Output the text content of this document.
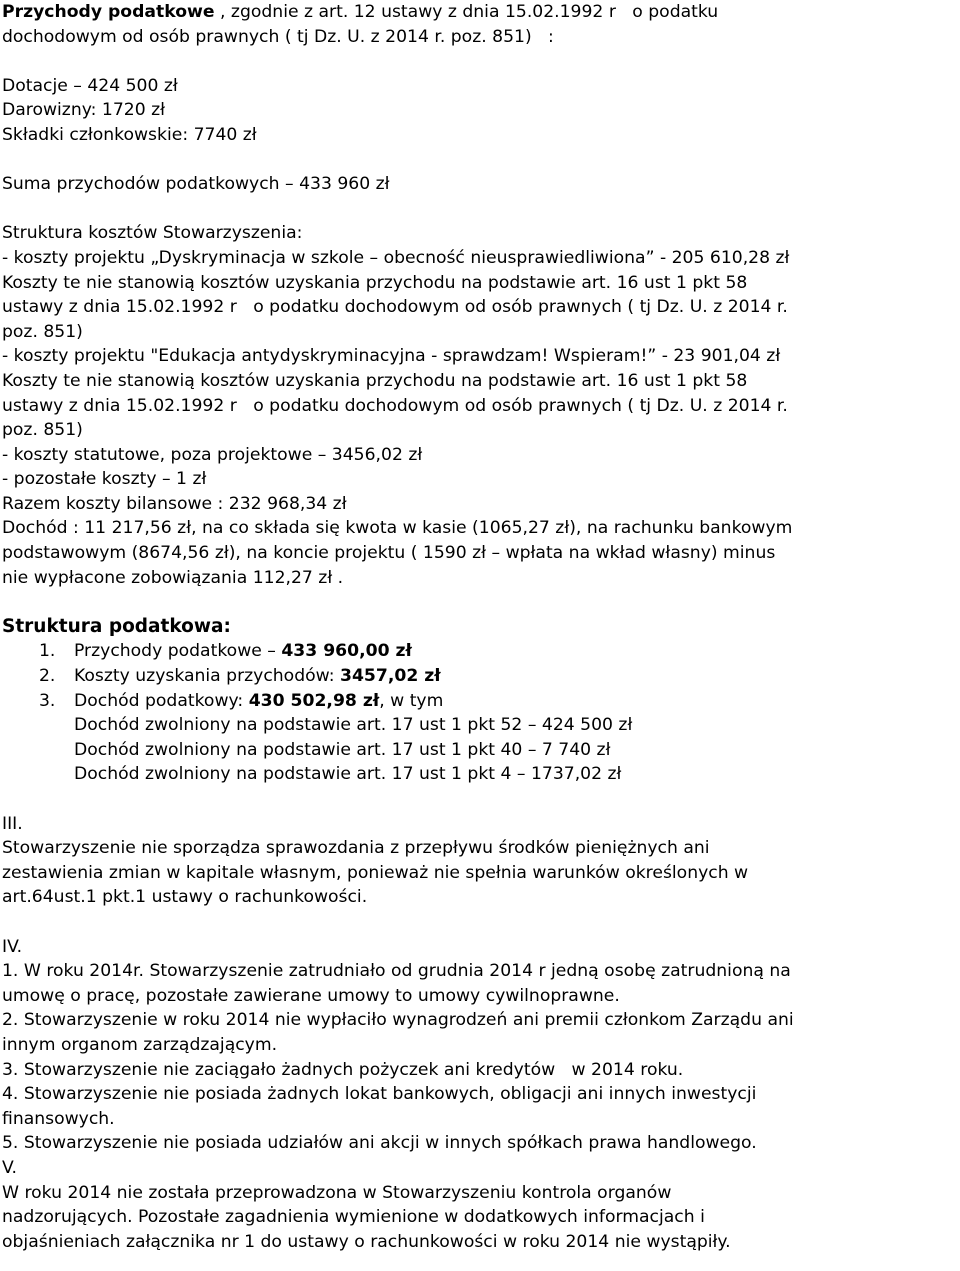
Przychody podatkowe , zgodnie z art. 12 ustawy z dnia 15.02.1992 r   o podatku
dochodowym od osób prawnych ( tj Dz. U. z 2014 r. poz. 851)   :
Dotacje – 424 500 zł
Darowizny: 1720 zł
Składki członkowskie: 7740 zł
Suma przychodów podatkowych – 433 960 zł
Struktura kosztów Stowarzyszenia:
- koszty projektu „Dyskryminacja w szkole – obecność nieusprawiedliwiona” - 205 610,28 zł
Koszty te nie stanowią kosztów uzyskania przychodu na podstawie art. 16 ust 1 pkt 58
ustawy z dnia 15.02.1992 r   o podatku dochodowym od osób prawnych ( tj Dz. U. z 2014 r.
poz. 851)
- koszty projektu "Edukacja antydyskryminacyjna - sprawdzam! Wspieram!” - 23 901,04 zł
Koszty te nie stanowią kosztów uzyskania przychodu na podstawie art. 16 ust 1 pkt 58
ustawy z dnia 15.02.1992 r   o podatku dochodowym od osób prawnych ( tj Dz. U. z 2014 r.
poz. 851)
- koszty statutowe, poza projektowe – 3456,02 zł
- pozostałe koszty – 1 zł
Razem koszty bilansowe : 232 968,34 zł
Dochód : 11 217,56 zł, na co składa się kwota w kasie (1065,27 zł), na rachunku bankowym
podstawowym (8674,56 zł), na koncie projektu ( 1590 zł – wpłata na wkład własny) minus
nie wypłacone zobowiązania 112,27 zł .
Struktura podatkowa:
1.	Przychody podatkowe – 433 960,00 zł
2.	Koszty uzyskania przychodów: 3457,02 zł
3.	Dochód podatkowy: 430 502,98 zł, w tym
Dochód zwolniony na podstawie art. 17 ust 1 pkt 52 – 424 500 zł
Dochód zwolniony na podstawie art. 17 ust 1 pkt 40 – 7 740 zł
Dochód zwolniony na podstawie art. 17 ust 1 pkt 4 – 1737,02 zł
III.
Stowarzyszenie nie sporządza sprawozdania z przepływu środków pieniężnych ani
zestawienia zmian w kapitale własnym, ponieważ nie spełnia warunków określonych w
art.64ust.1 pkt.1 ustawy o rachunkowości.
IV.
1. W roku 2014r. Stowarzyszenie zatrudniało od grudnia 2014 r jedną osobę zatrudnioną na
umowę o pracę, pozostałe zawierane umowy to umowy cywilnoprawne.
2. Stowarzyszenie w roku 2014 nie wypłaciło wynagrodzeń ani premii członkom Zarządu ani
innym organom zarządzającym.
3. Stowarzyszenie nie zaciągało żadnych pożyczek ani kredytów   w 2014 roku.
4. Stowarzyszenie nie posiada żadnych lokat bankowych, obligacji ani innych inwestycji
finansowych.
5. Stowarzyszenie nie posiada udziałów ani akcji w innych spółkach prawa handlowego.
V.
W roku 2014 nie została przeprowadzona w Stowarzyszeniu kontrola organów
nadzorujących. Pozostałe zagadnienia wymienione w dodatkowych informacjach i
objaśnieniach załącznika nr 1 do ustawy o rachunkowości w roku 2014 nie wystąpiły.
